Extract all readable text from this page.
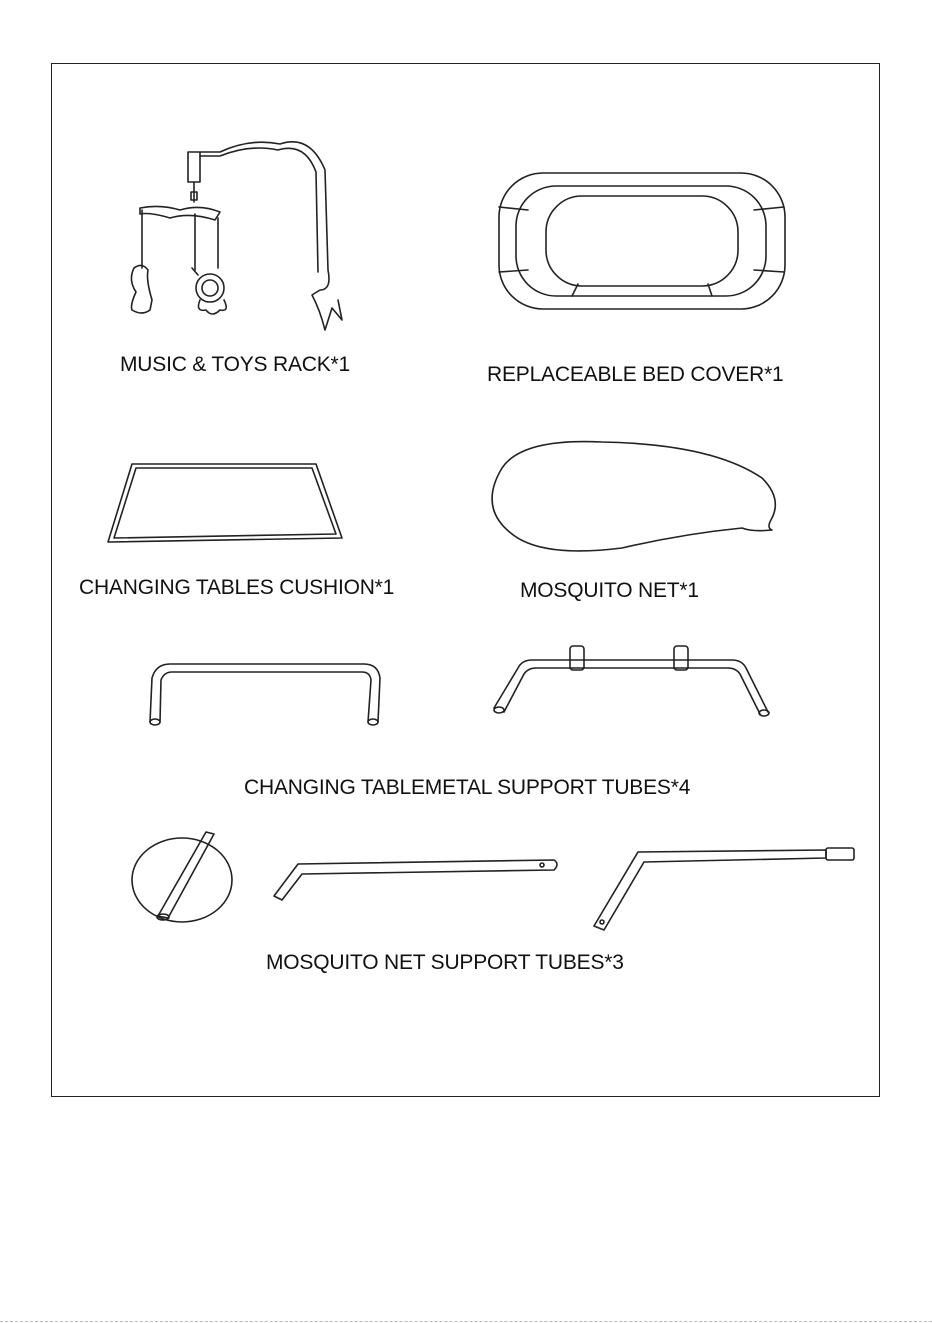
MUSIC & TOYS RACK*1	REPLACEABLE BED COVER*1
CHANGING TABLES CUSHION*1	MOSQUITO NET*1
CHANGING TABLEMETAL SUPPORT TUBES*4
MOSQUITO NET SUPPORT TUBES*3
